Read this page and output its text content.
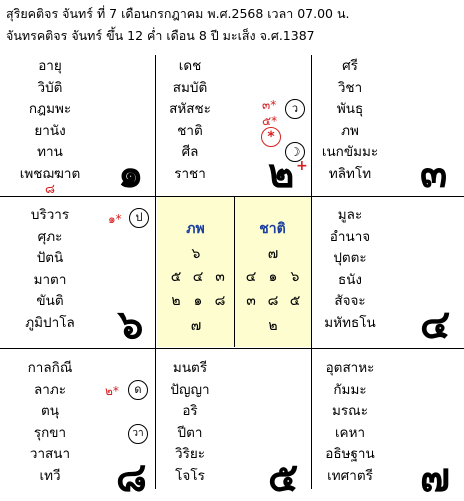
สุริยคติจร จันทร์ ที่ 7 เดือนกรกฎาคม พ.ศ.2568 เวลา 07.00 น.
จันทรคติจร จันทร์ ขึ้น 12 ค่ำ เดือน 8 ปี มะเส็ง จ.ศ.1387
อายุ
วิบัติ
กฎมพะ
ยานัง
ทาน
เพชฌฆาต
๘ ๑
เดช
สมบัติ
สหัสชะ
ชาติ
ศีล
ราชา
๓*	ว
๕*
*
☽
๒ +
ศรี
วิชา
พันธุ
ภพ
เนกขัมมะ
ทลิทโท	๓
บริวาร
ศุภะ
ปัตนิ
มาตา
ขันติ
ภูมิปาโล
๑*	ป
๖
ภพ
๖
๕ ๔ ๓
๒ ๑ ๘
๗
ชาติ
๗
๔ ๑ ๖
๓ ๘ ๕
๒
มูละ
อำนาจ
ปุตตะ
ธนัง
สัจจะ
มหัทธโน	๔
กาลกิณี
ลาภะ
ตนุ
รุกขา
วาสนา
เทวี
๒*	ด
วา
๘
มนตรี
ปัญญา
อริ
ปีตา
วิริยะ
โจโร	๕
อุตสาหะ
กัมมะ
มรณะ
เคหา
อธิษฐาน
เทศาตรี	๗
